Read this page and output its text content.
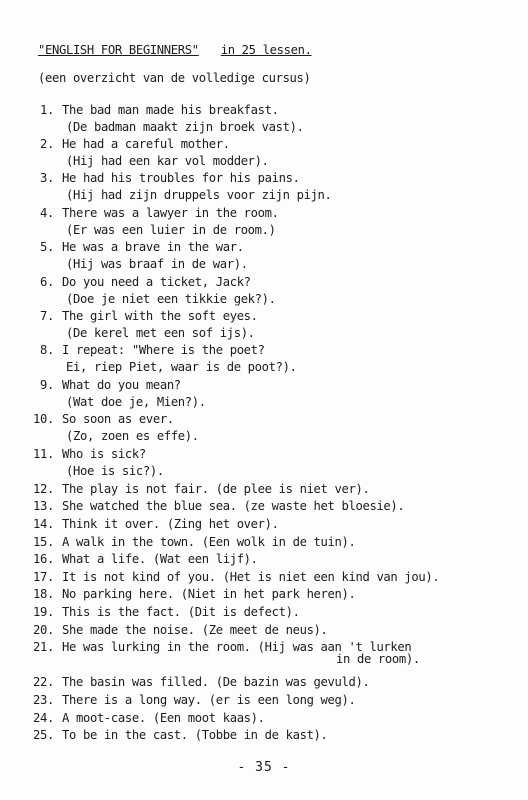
"ENGLISH FOR BEGINNERS" in 25 lessen.
(een overzicht van de volledige cursus)
1. The bad man made his breakfast.
(De badman maakt zijn broek vast).
2. He had a careful mother.
(Hij had een kar vol modder).
3. He had his troubles for his pains.
(Hij had zijn druppels voor zijn pijn.
4. There was a lawyer in the room.
(Er was een luier in de room.)
5. He was a brave in the war.
(Hij was braaf in de war).
6. Do you need a ticket, Jack?
(Doe je niet een tikkie gek?).
7. The girl with the soft eyes.
(De kerel met een sof ijs).
8. I repeat: "Where is the poet?
Ei, riep Piet, waar is de poot?).
9. What do you mean?
(Wat doe je, Mien?).
10. So soon as ever.
(Zo, zoen es effe).
11. Who is sick?
(Hoe is sic?).
12. The play is not fair. (de plee is niet ver).
13. She watched the blue sea. (ze waste het bloesie).
14. Think it over. (Zing het over).
15. A walk in the town. (Een wolk in de tuin).
16. What a life. (Wat een lijf).
17. It is not kind of you. (Het is niet een kind van jou).
18. No parking here. (Niet in het park heren).
19. This is the fact. (Dit is defect).
20. She made the noise. (Ze meet de neus).
21. He was lurking in the room. (Hij was aan 't lurken
in de room).
22. The basin was filled. (De bazin was gevuld).
23. There is a long way. (er is een long weg).
24. A moot-case. (Een moot kaas).
25. To be in the cast. (Tobbe in de kast).
- 35 -
